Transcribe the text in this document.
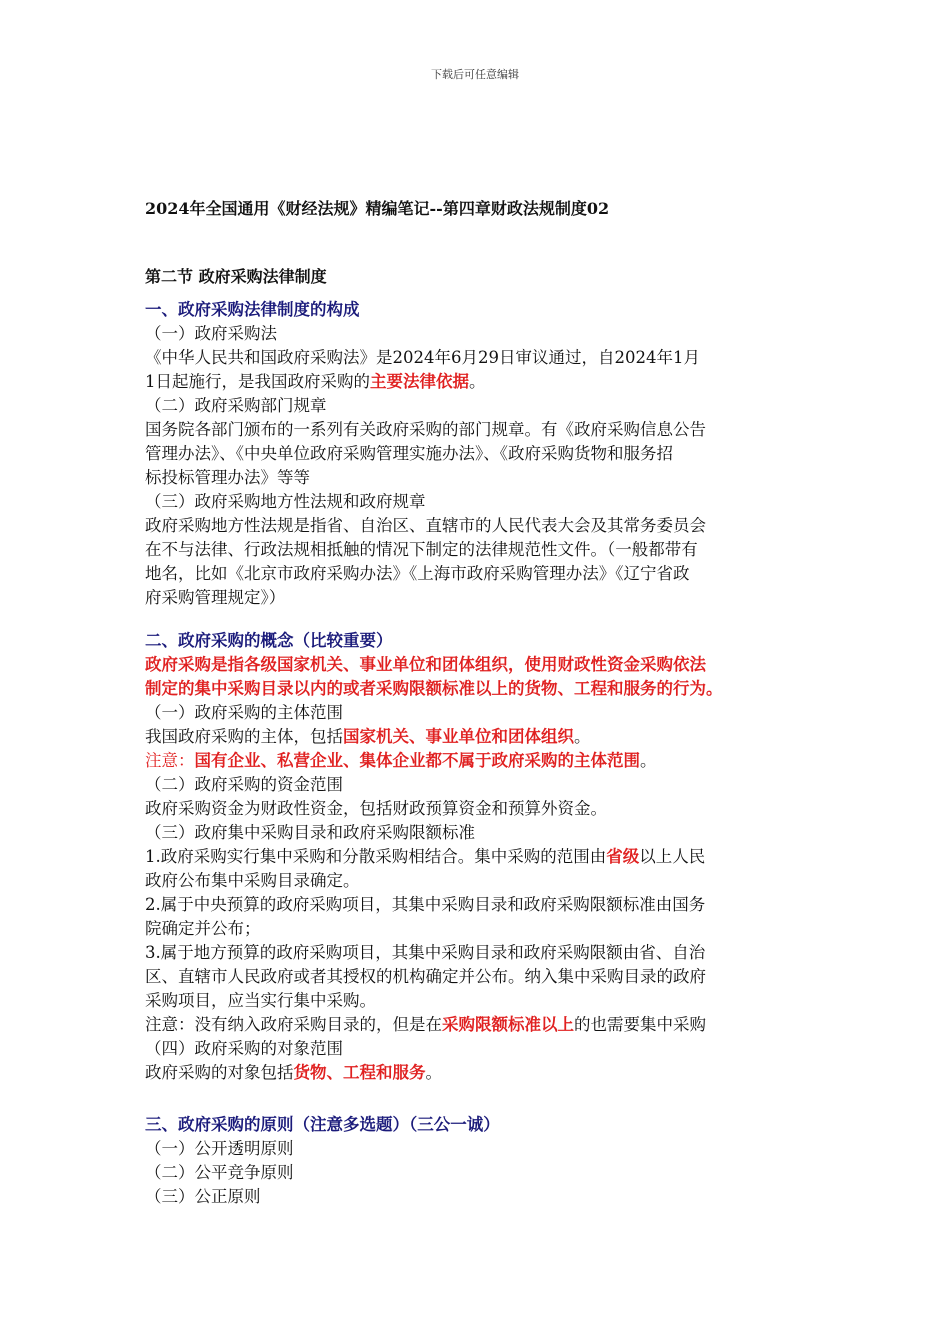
下载后可任意编辑
2024年全国通用《财经法规》精编笔记--第四章财政法规制度02
第二节 政府采购法律制度

一、政府采购法律制度的构成

（一）政府采购法

《中华人民共和国政府采购法》是2024年6月29日审议通过，自2024年1月

1日起施行，是我国政府采购的主要法律依据。

（二）政府采购部门规章

国务院各部门颁布的一系列有关政府采购的部门规章。有《政府采购信息公告

管理办法》、《中央单位政府采购管理实施办法》、《政府采购货物和服务招

标投标管理办法》等等

（三）政府采购地方性法规和政府规章

政府采购地方性法规是指省、自治区、直辖市的人民代表大会及其常务委员会

在不与法律、行政法规相抵触的情况下制定的法律规范性文件。（一般都带有

地名，比如《北京市政府采购办法》《上海市政府采购管理办法》《辽宁省政

府采购管理规定》）

二、政府采购的概念（比较重要）

政府采购是指各级国家机关、事业单位和团体组织，使用财政性资金采购依法

制定的集中采购目录以内的或者采购限额标准以上的货物、工程和服务的行为。

（一）政府采购的主体范围

我国政府采购的主体，包括国家机关、事业单位和团体组织。

注意：国有企业、私营企业、集体企业都不属于政府采购的主体范围。

（二）政府采购的资金范围

政府采购资金为财政性资金，包括财政预算资金和预算外资金。

（三）政府集中采购目录和政府采购限额标准

1.政府采购实行集中采购和分散采购相结合。集中采购的范围由省级以上人民

政府公布集中采购目录确定。

2.属于中央预算的政府采购项目，其集中采购目录和政府采购限额标准由国务

院确定并公布；

3.属于地方预算的政府采购项目，其集中采购目录和政府采购限额由省、自治

区、直辖市人民政府或者其授权的机构确定并公布。纳入集中采购目录的政府

采购项目，应当实行集中采购。

注意：没有纳入政府采购目录的，但是在采购限额标准以上的也需要集中采购

（四）政府采购的对象范围

政府采购的对象包括货物、工程和服务。

三、政府采购的原则（注意多选题）（三公一诚）

（一）公开透明原则

（二）公平竞争原则

（三）公正原则
